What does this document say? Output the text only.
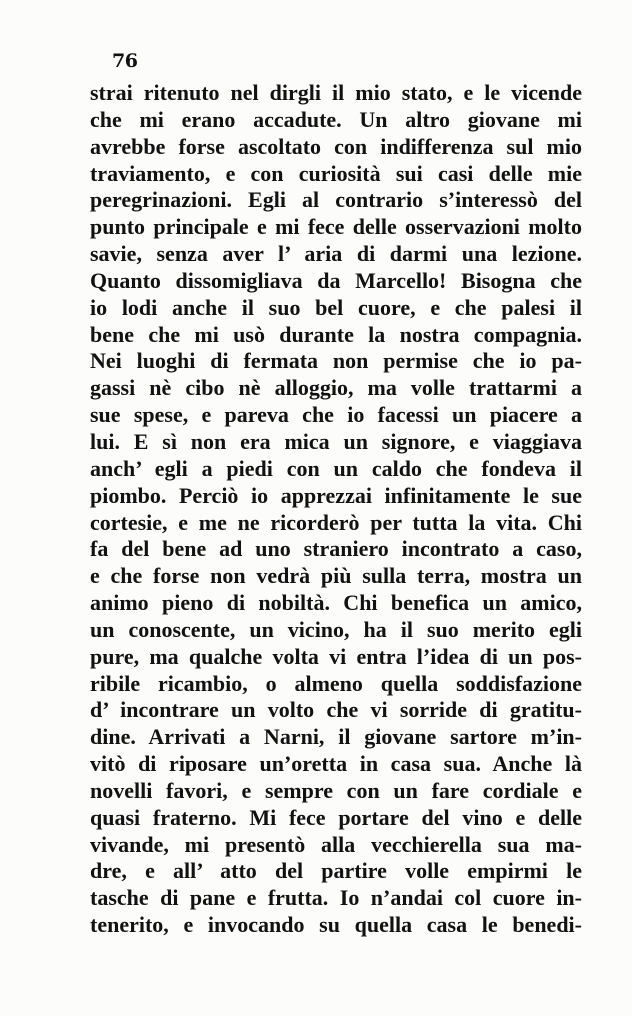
76
strai ritenuto nel dirgli il mio stato, e le vicende
che mi erano accadute. Un altro giovane mi
avrebbe forse ascoltato con indifferenza sul mio
traviamento, e con curiosità sui casi delle mie
peregrinazioni. Egli al contrario s’interessò del
punto principale e mi fece delle osservazioni molto
savie, senza aver l’ aria di darmi una lezione.
Quanto dissomigliava da Marcello! Bisogna che
io lodi anche il suo bel cuore, e che palesi il
bene che mi usò durante la nostra compagnia.
Nei luoghi di fermata non permise che io pa-
gassi nè cibo nè alloggio, ma volle trattarmi a
sue spese, e pareva che io facessi un piacere a
lui. E sì non era mica un signore, e viaggiava
anch’ egli a piedi con un caldo che fondeva il
piombo. Perciò io apprezzai infinitamente le sue
cortesie, e me ne ricorderò per tutta la vita. Chi
fa del bene ad uno straniero incontrato a caso,
e che forse non vedrà più sulla terra, mostra un
animo pieno di nobiltà. Chi benefica un amico,
un conoscente, un vicino, ha il suo merito egli
pure, ma qualche volta vi entra l’idea di un pos-
ribile ricambio, o almeno quella soddisfazione
d’ incontrare un volto che vi sorride di gratitu-
dine. Arrivati a Narni, il giovane sartore m’in-
vitò di riposare un’oretta in casa sua. Anche là
novelli favori, e sempre con un fare cordiale e
quasi fraterno. Mi fece portare del vino e delle
vivande, mi presentò alla vecchierella sua ma-
dre, e all’ atto del partire volle empirmi le
tasche di pane e frutta. Io n’andai col cuore in-
tenerito, e invocando su quella casa le benedi-
